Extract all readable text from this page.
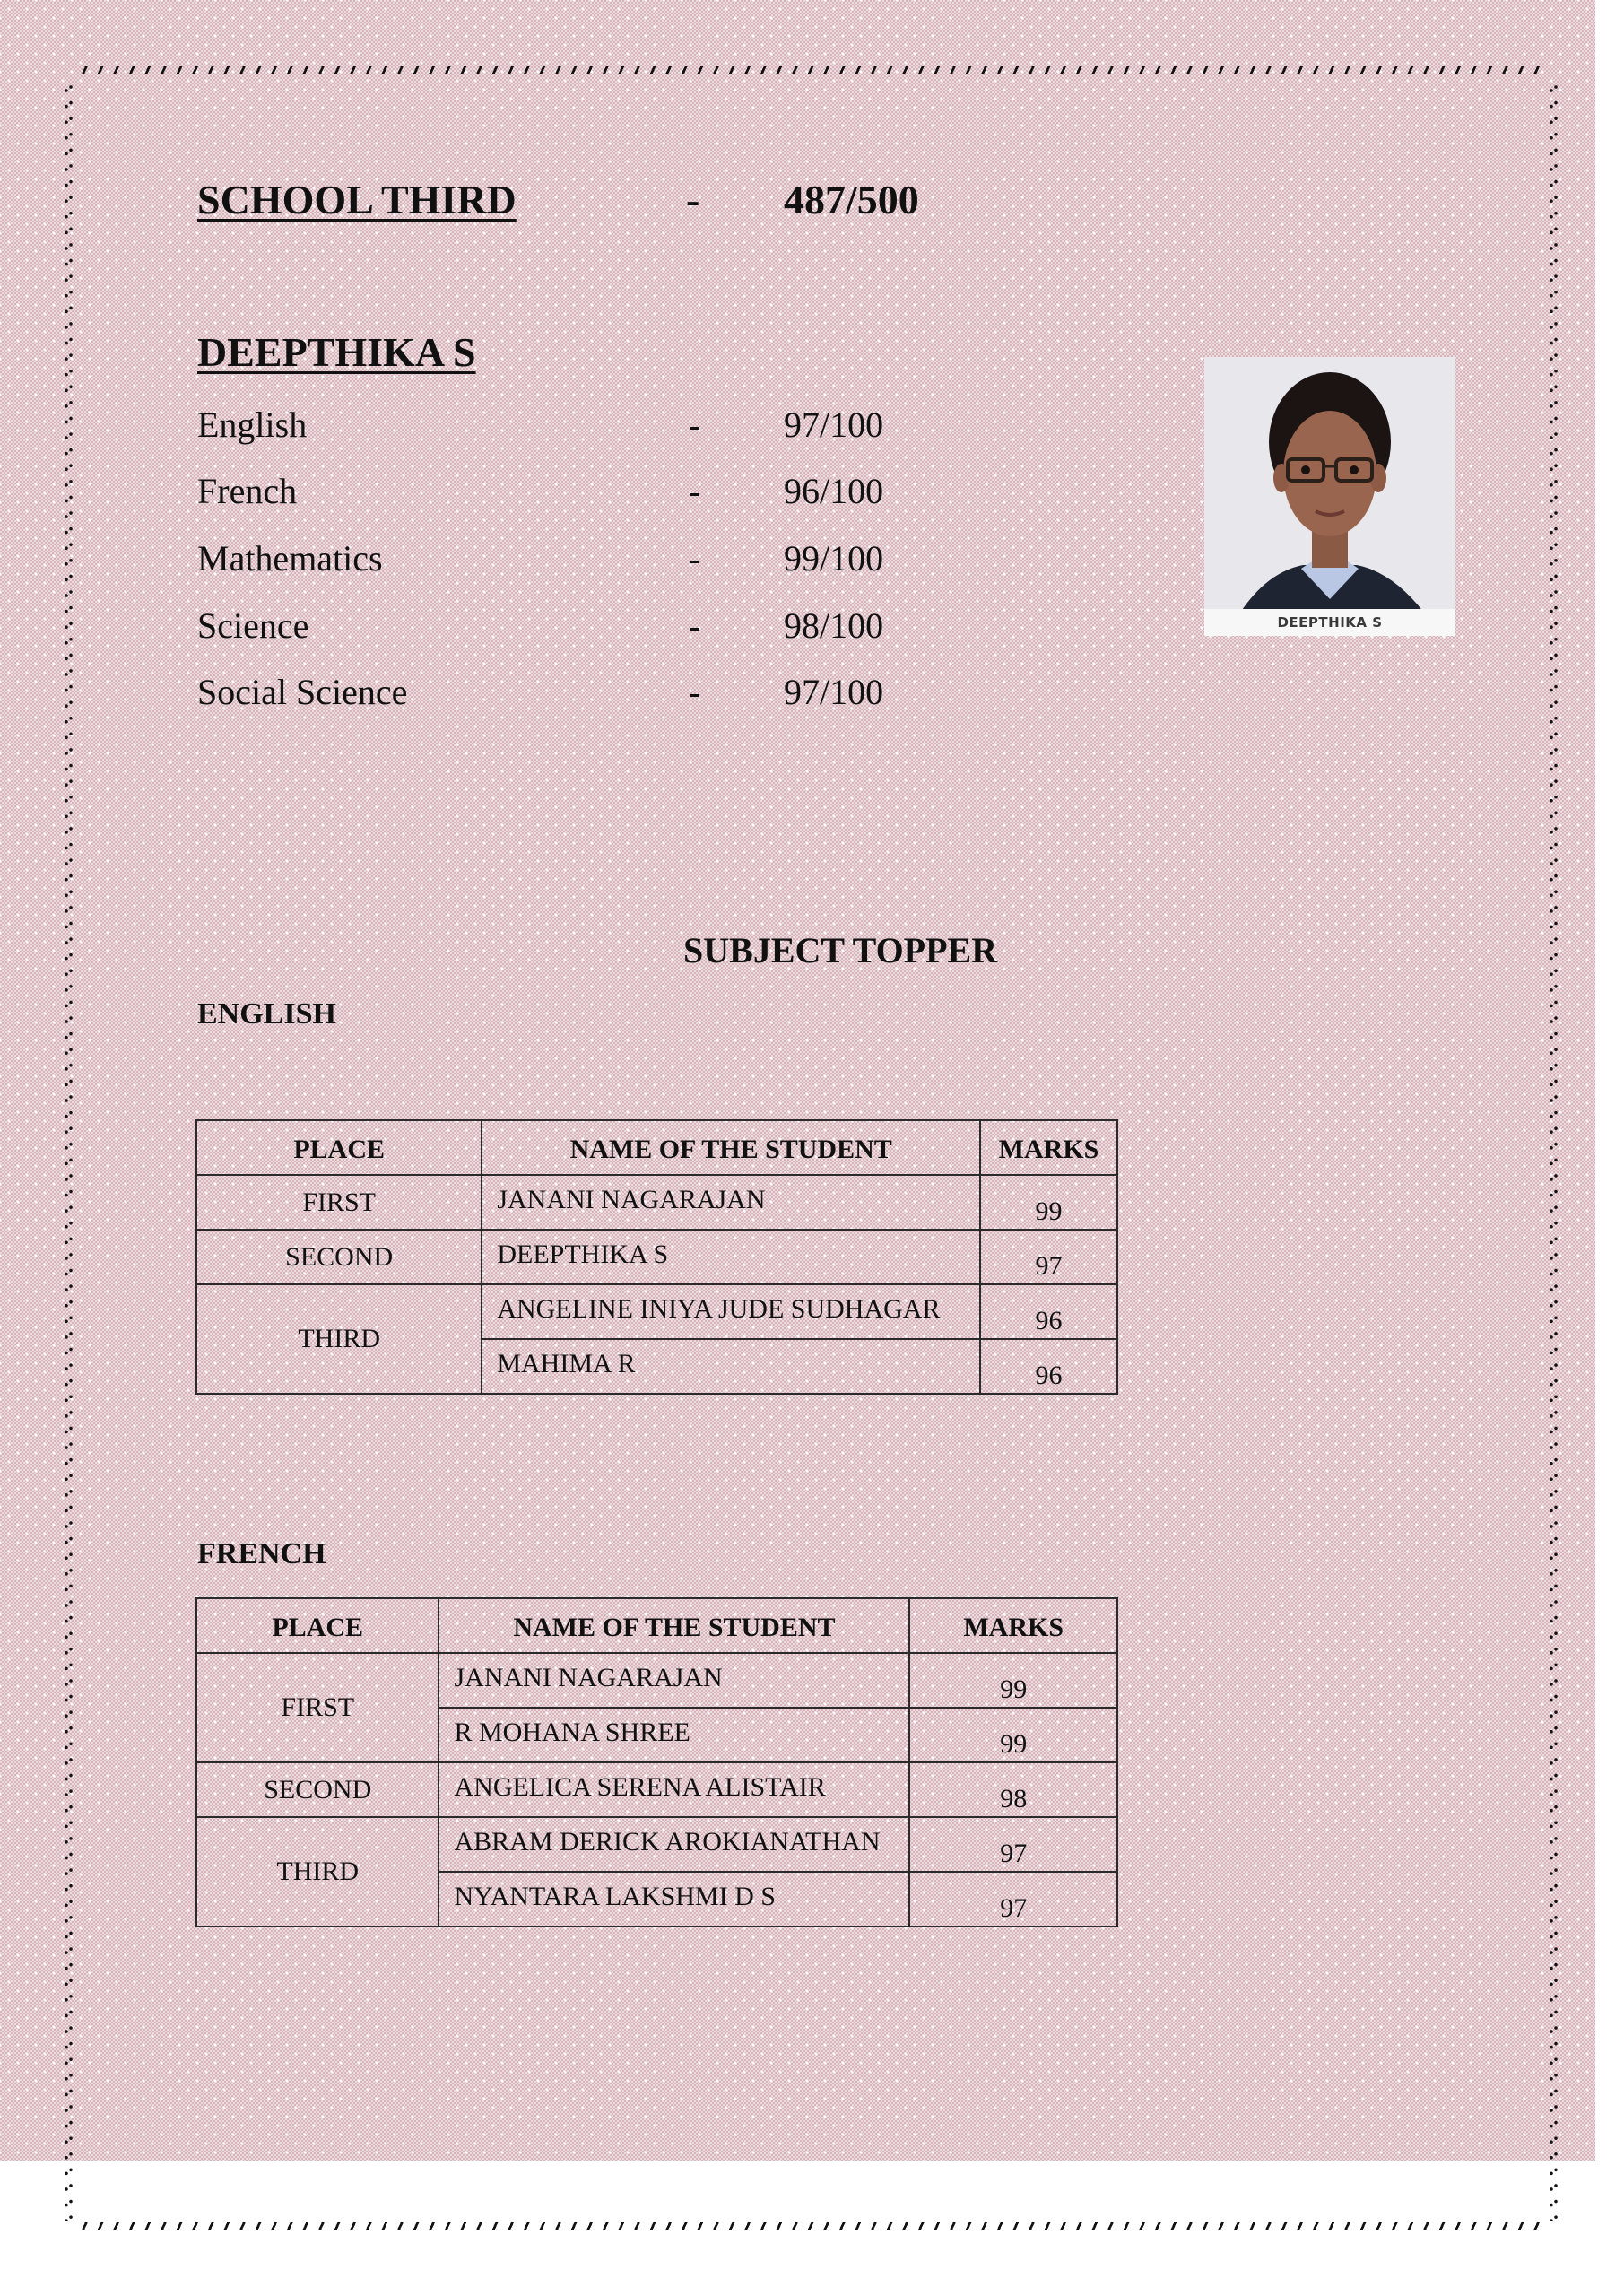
SCHOOL THIRD	- 487/500
DEEPTHIKA S
English	- 97/100
French	- 96/100
Mathematics	- 99/100
Science	- 98/100
Social Science	- 97/100
DEEPTHIKA S
SUBJECT TOPPER
ENGLISH
PLACE	NAME OF THE STUDENT	MARKS
FIRST	JANANI NAGARAJAN	99
SECOND	DEEPTHIKA S	97
THIRD	ANGELINE INIYA JUDE SUDHAGAR	96
	MAHIMA R	96
FRENCH
PLACE	NAME OF THE STUDENT	MARKS
FIRST	JANANI NAGARAJAN	99
	R MOHANA SHREE	99
SECOND	ANGELICA SERENA ALISTAIR	98
THIRD	ABRAM DERICK AROKIANATHAN	97
	NYANTARA LAKSHMI D S	97
